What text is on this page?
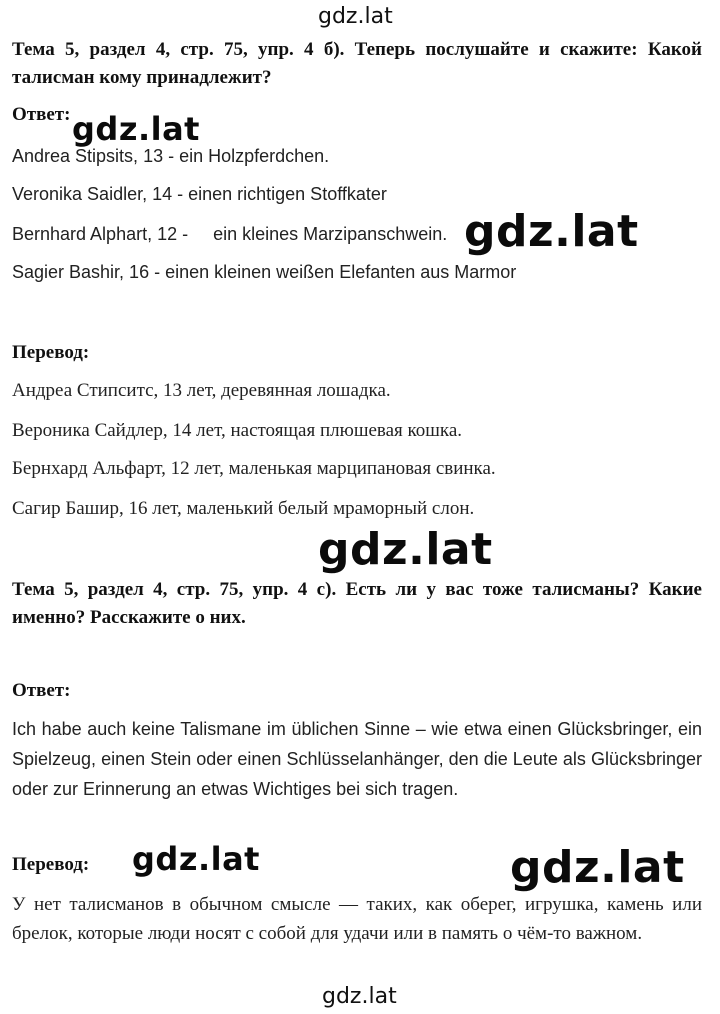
gdz.lat
Тема 5, раздел 4, стр. 75, упр. 4 б). Теперь послушайте и скажите: Какой талисман кому принадлежит?
Ответ: gdz.lat
Andrea Stipsits, 13 - ein Holzpferdchen.
Veronika Saidler, 14 - einen richtigen Stoffkater
Bernhard Alphart, 12 -     ein kleines Marzipanschwein. gdz.lat
Sagier Bashir, 16 - einen kleinen weißen Elefanten aus Marmor
Перевод:
Андреа Стипситс, 13 лет, деревянная лошадка.
Вероника Сайдлер, 14 лет, настоящая плюшевая кошка.
Бернхард Альфарт, 12 лет, маленькая марципановая свинка.
Сагир Башир, 16 лет, маленький белый мраморный слон.
gdz.lat
Тема 5, раздел 4, стр. 75, упр. 4 c). Есть ли у вас тоже талисманы? Какие именно? Расскажите о них.
Ответ:
Ich habe auch keine Talismane im üblichen Sinne – wie etwa einen Glücksbringer, ein Spielzeug, einen Stein oder einen Schlüsselanhänger, den die Leute als Glücksbringer oder zur Erinnerung an etwas Wichtiges bei sich tragen.
Перевод: gdz.lat	gdz.lat
У нет талисманов в обычном смысле — таких, как оберег, игрушка, камень или брелок, которые люди носят с собой для удачи или в память о чём-то важном.
gdz.lat
